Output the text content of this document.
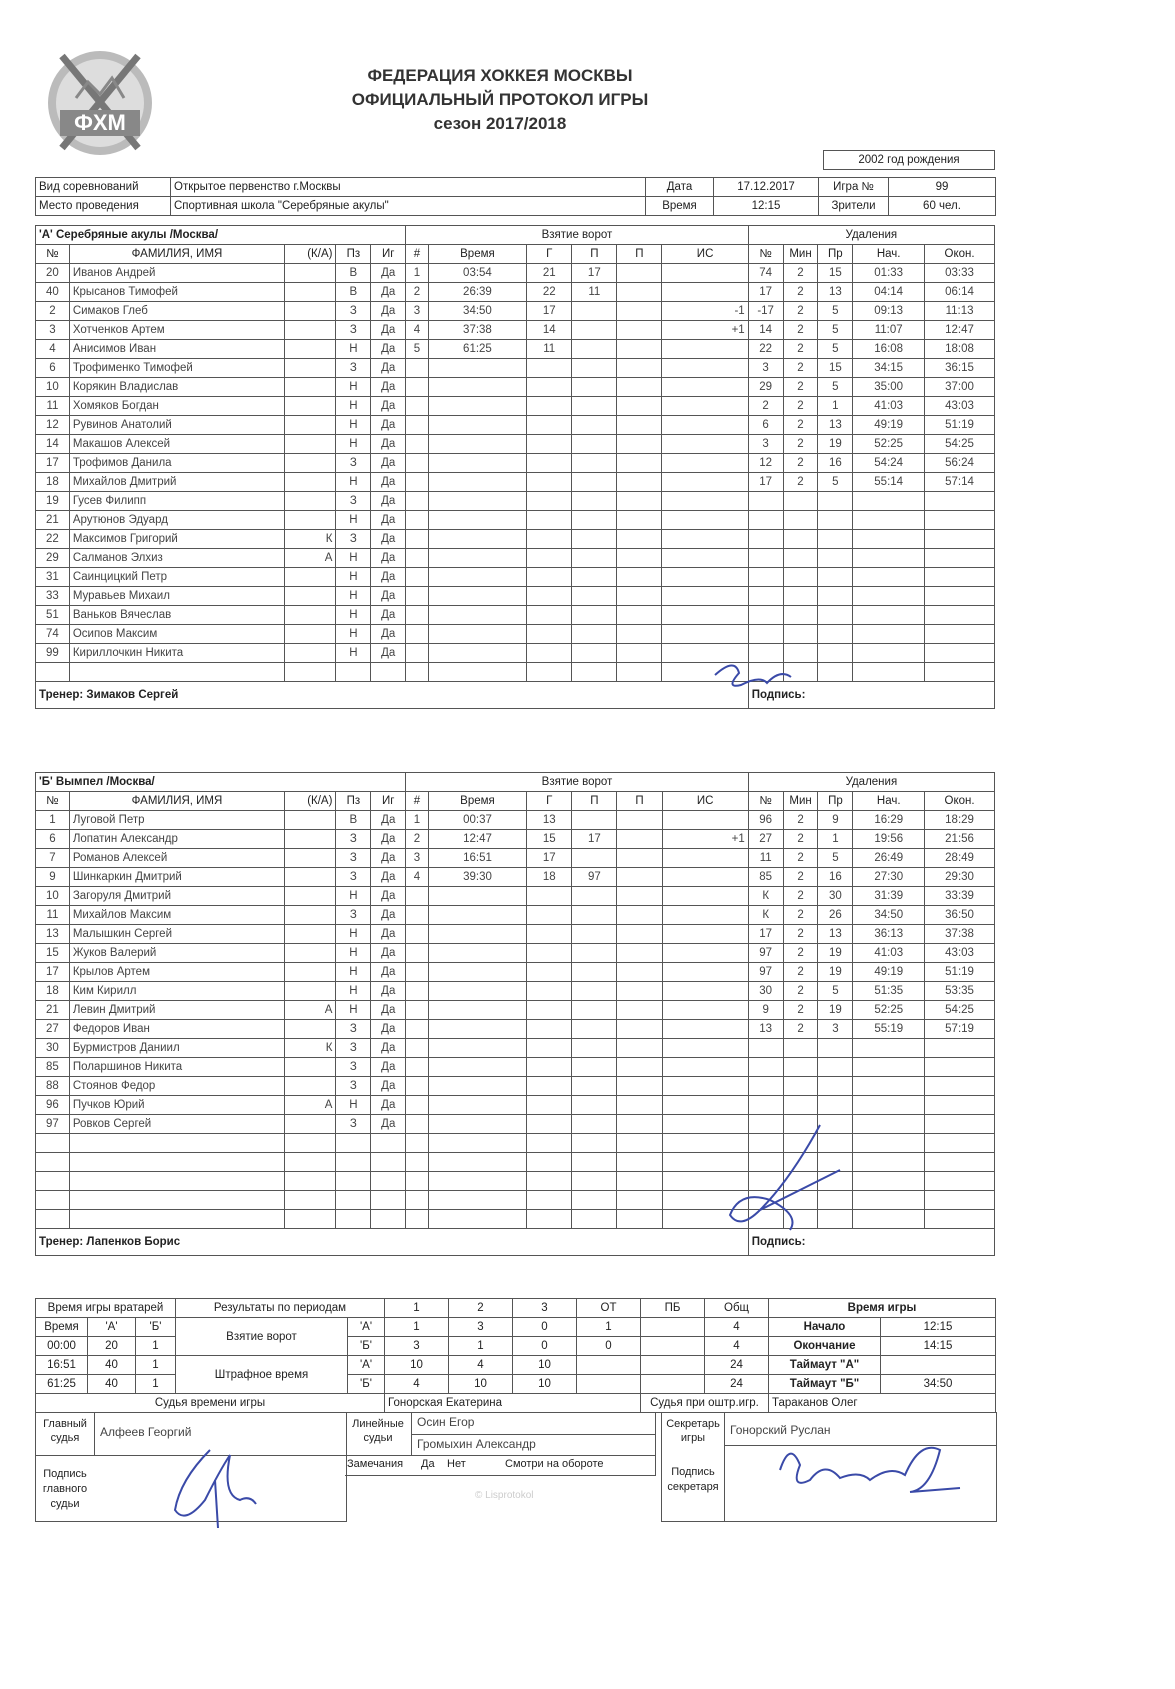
ФХМ
ФЕДЕРАЦИЯ ХОККЕЯ МОСКВЫ
ОФИЦИАЛЬНЫЙ ПРОТОКОЛ ИГРЫ
сезон 2017/2018
2002 год рождения
Вид соревнований	Открытое первенство г.Москвы	Дата	17.12.2017	Игра №	99
Место проведения	Спортивная школа "Серебряные акулы"	Время	12:15	Зрители	60 чел.
'А' Серебряные акулы /Москва/					Взятие ворот						Удаления				
№	ФАМИЛИЯ, ИМЯ	(К/А)	Пз	Иг	#	Время	Г	П	П	ИС	№	Мин	Пр	Нач.	Окон.
20	Иванов Андрей		В	Да	1	03:54	21	17			74	2	15	01:33	03:33
40	Крысанов Тимофей		В	Да	2	26:39	22	11			17	2	13	04:14	06:14
2	Симаков Глеб		З	Да	3	34:50	17			-1	-17	2	5	09:13	11:13
3	Хотченков Артем		З	Да	4	37:38	14			+1	14	2	5	11:07	12:47
4	Анисимов Иван		Н	Да	5	61:25	11				22	2	5	16:08	18:08
6	Трофименко Тимофей		З	Да							3	2	15	34:15	36:15
10	Корякин Владислав		Н	Да							29	2	5	35:00	37:00
11	Хомяков Богдан		Н	Да							2	2	1	41:03	43:03
12	Рувинов Анатолий		Н	Да							6	2	13	49:19	51:19
14	Макашов Алексей		Н	Да							3	2	19	52:25	54:25
17	Трофимов Данила		З	Да							12	2	16	54:24	56:24
18	Михайлов Дмитрий		Н	Да							17	2	5	55:14	57:14
19	Гусев Филипп		З	Да											
21	Арутюнов Эдуард		Н	Да											
22	Максимов Григорий	К	З	Да											
29	Салманов Элхиз	А	Н	Да											
31	Саинцицкий Петр		Н	Да											
33	Муравьев Михаил		Н	Да											
51	Ваньков Вячеслав		Н	Да											
74	Осипов Максим		Н	Да											
99	Кириллочкин Никита		Н	Да											

Тренер: Зимаков Сергей											Подпись:				
'Б' Вымпел /Москва/					Взятие ворот						Удаления				
№	ФАМИЛИЯ, ИМЯ	(К/А)	Пз	Иг	#	Время	Г	П	П	ИС	№	Мин	Пр	Нач.	Окон.
1	Луговой Петр		В	Да	1	00:37	13				96	2	9	16:29	18:29
6	Лопатин Александр		З	Да	2	12:47	15	17		+1	27	2	1	19:56	21:56
7	Романов Алексей		З	Да	3	16:51	17				11	2	5	26:49	28:49
9	Шинкаркин Дмитрий		З	Да	4	39:30	18	97			85	2	16	27:30	29:30
10	Загоруля Дмитрий		Н	Да							К	2	30	31:39	33:39
11	Михайлов Максим		З	Да							К	2	26	34:50	36:50
13	Малышкин Сергей		Н	Да							17	2	13	36:13	37:38
15	Жуков Валерий		Н	Да							97	2	19	41:03	43:03
17	Крылов Артем		Н	Да							97	2	19	49:19	51:19
18	Ким Кирилл		Н	Да							30	2	5	51:35	53:35
21	Левин Дмитрий	А	Н	Да							9	2	19	52:25	54:25
27	Федоров Иван		З	Да							13	2	3	55:19	57:19
30	Бурмистров Даниил	К	З	Да											
85	Поларшинов Никита		З	Да											
88	Стоянов Федор		З	Да											
96	Пучков Юрий	А	Н	Да											
97	Ровков Сергей		З	Да											

Тренер: Лапенков Борис											Подпись:				
Время игры вратарей			Результаты по периодам		1	2	3	ОТ	ПБ	Общ	Время игры	
Время	'А'	'Б'	Взятие ворот	'А'	1	3	0	1		4	Начало	12:15
00:00	20	1		'Б'	3	1	0	0		4	Окончание	14:15
16:51	40	1	Штрафное время	'А'	10	4	10			24	Таймаут "А"	
61:25	40	1		'Б'	4	10	10			24	Таймаут "Б"	34:50
Судья времени игры					Гонорская Екатерина				Судья при оштр.игр.		Тараканов Олег	
Главный судья	Алфеев Георгий
Подпись главного судьи
Линейные судьи
Осин Егор
Громыхин Александр
Замечания Да Нет	Смотри на обороте
© Lisprotokol
Секретарь игры
Гонорский Руслан
Подпись секретаря
